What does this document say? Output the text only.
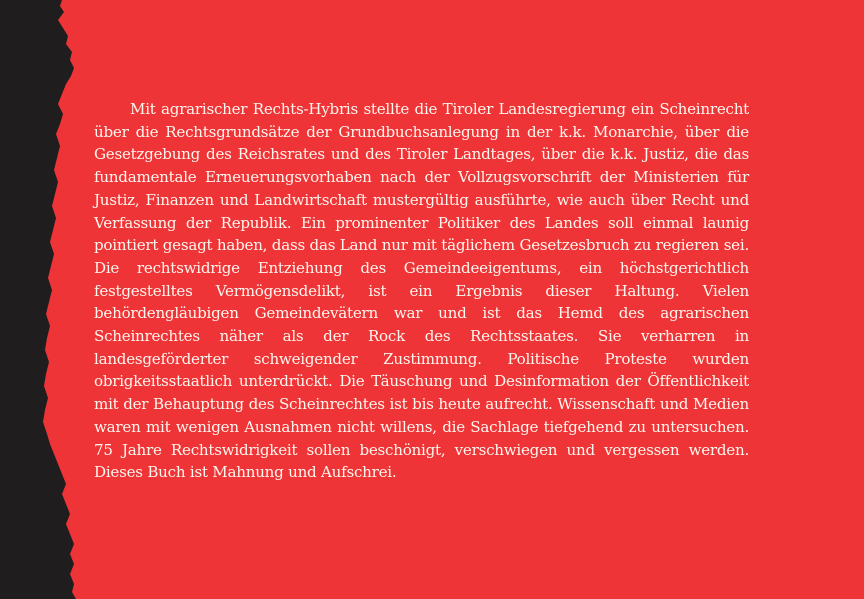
Mit agrarischer Rechts-Hybris stellte die Tiroler Landesregierung ein Scheinrecht über die Rechtsgrundsätze der Grundbuchsanlegung in der k.k. Monarchie, über die Gesetzgebung des Reichsrates und des Tiroler Landtages, über die k.k. Justiz, die das fundamentale Erneuerungsvorhaben nach der Vollzugsvorschrift der Ministerien für Justiz, Finanzen und Landwirtschaft mustergültig ausführte, wie auch über Recht und Verfassung der Republik. Ein prominenter Politiker des Landes soll einmal launig pointiert gesagt haben, dass das Land nur mit täglichem Gesetzesbruch zu regieren sei. Die rechtswidrige Entziehung des Gemeindeeigentums, ein höchstgerichtlich festgestelltes Vermögensdelikt, ist ein Ergebnis dieser Haltung. Vielen behördengläubigen Gemeindevätern war und ist das Hemd des agrarischen Scheinrechtes näher als der Rock des Rechtsstaates. Sie verharren in landesgeförderter schweigender Zustimmung. Politische Proteste wurden obrigkeitsstaatlich unterdrückt. Die Täuschung und Desinformation der Öffentlichkeit mit der Behauptung des Scheinrechtes ist bis heute aufrecht. Wissenschaft und Medien waren mit wenigen Ausnahmen nicht willens, die Sachlage tiefgehend zu untersuchen. 75 Jahre Rechtswidrigkeit sollen beschönigt, verschwiegen und vergessen werden. Dieses Buch ist Mahnung und Aufschrei.
